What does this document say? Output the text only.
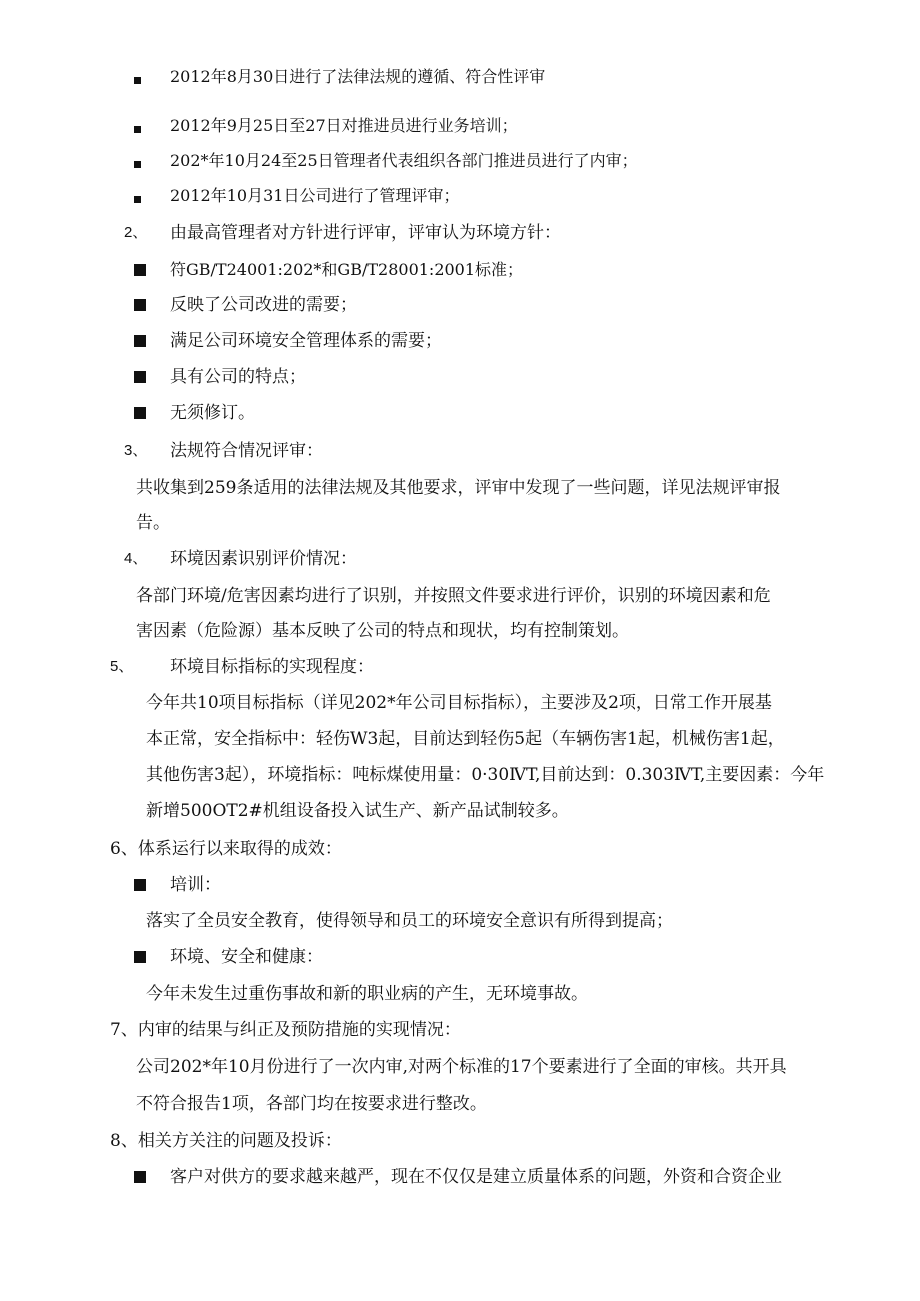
2012年8月30日进行了法律法规的遵循、符合性评审
2012年9月25日至27日对推进员进行业务培训；
202*年10月24至25日管理者代表组织各部门推进员进行了内审；
2012年10月31日公司进行了管理评审；
2、 由最高管理者对方针进行评审，评审认为环境方针：
符GB/T24001:202*和GB/T28001:2001标准；
反映了公司改进的需要；
满足公司环境安全管理体系的需要；
具有公司的特点；
无须修订。
3、 法规符合情况评审：
共收集到259条适用的法律法规及其他要求，评审中发现了一些问题，详见法规评审报
告。
4、 环境因素识别评价情况：
各部门环境/危害因素均进行了识别，并按照文件要求进行评价，识别的环境因素和危
害因素（危险源）基本反映了公司的特点和现状，均有控制策划。
5、 环境目标指标的实现程度：
今年共10项目标指标（详见202*年公司目标指标），主要涉及2项，日常工作开展基
本正常，安全指标中：轻伤W3起，目前达到轻伤5起（车辆伤害1起，机械伤害1起，
其他伤害3起），环境指标：吨标煤使用量：0·30ⅣT,目前达到：0.303ⅣT,主要因素：今年
新增500OT2#机组设备投入试生产、新产品试制较多。
6、体系运行以来取得的成效：
培训：
落实了全员安全教育，使得领导和员工的环境安全意识有所得到提高；
环境、安全和健康：
今年未发生过重伤事故和新的职业病的产生，无环境事故。
7、内审的结果与纠正及预防措施的实现情况：
公司202*年10月份进行了一次内审,对两个标准的17个要素进行了全面的审核。共开具
不符合报告1项，各部门均在按要求进行整改。
8、相关方关注的问题及投诉：
客户对供方的要求越来越严，现在不仅仅是建立质量体系的问题，外资和合资企业
